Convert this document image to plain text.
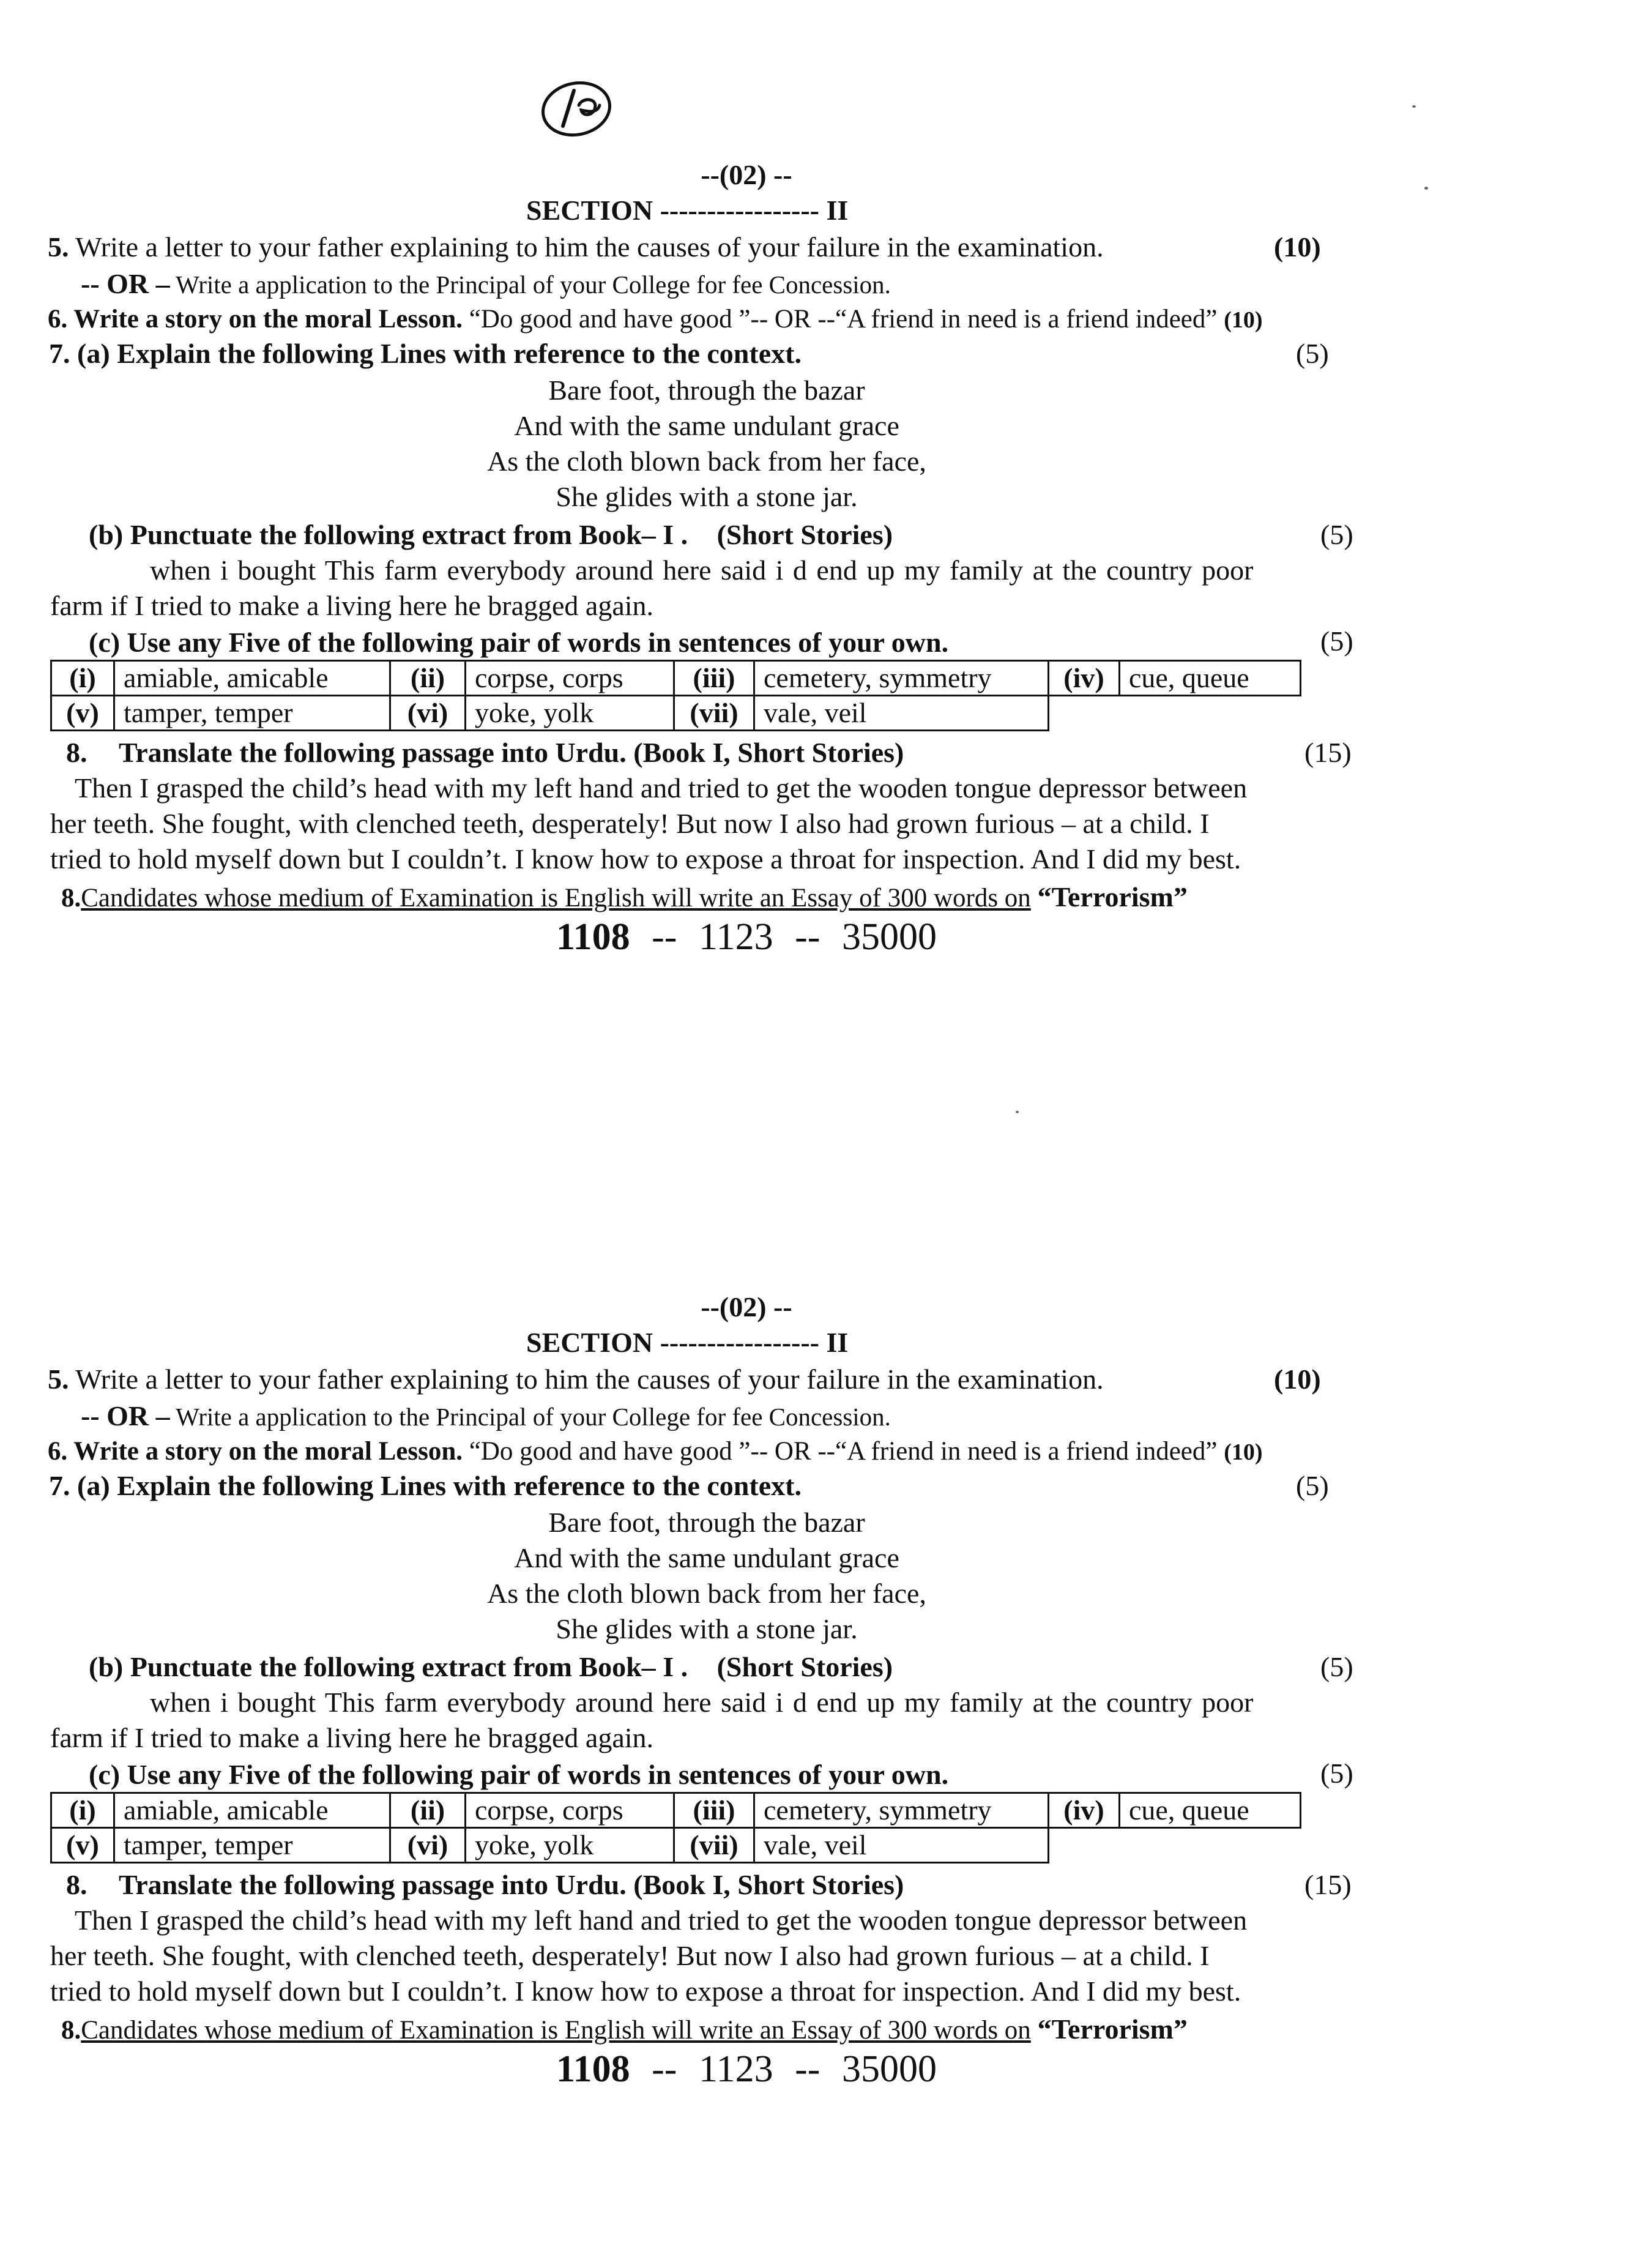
--(02) --
SECTION ----------------- II
5. Write a letter to your father explaining to him the causes of your failure in the examination.	(10)
-- OR – Write a application to the Principal of your College for fee Concession.
6. Write a story on the moral Lesson. “Do good and have good ”-- OR --“A friend in need is a friend indeed” (10)
7. (a) Explain the following Lines with reference to the context.	(5)
Bare foot, through the bazar
And with the same undulant grace
As the cloth blown back from her face,
She glides with a stone jar.
(b) Punctuate the following extract from Book– I . (Short Stories)	(5)
when i bought This farm everybody around here said i d end up my family at the country poor
farm if I tried to make a living here he bragged again.
(c) Use any Five of the following pair of words in sentences of your own.	(5)
(i)	amiable, amicable	(ii)	corpse, corps	(iii)	cemetery, symmetry	(iv)	cue, queue
(v)	tamper, temper	(vi)	yoke, yolk	(vii)	vale, veil		
8. Translate the following passage into Urdu. (Book I, Short Stories)	(15)
Then I grasped the child’s head with my left hand and tried to get the wooden tongue depressor between
her teeth. She fought, with clenched teeth, desperately! But now I also had grown furious – at a child. I
tried to hold myself down but I couldn’t. I know how to expose a throat for inspection. And I did my best.
8.Candidates whose medium of Examination is English will write an Essay of 300 words on “Terrorism”
1108 -- 1123 -- 35000
--(02) --
SECTION ----------------- II
5. Write a letter to your father explaining to him the causes of your failure in the examination.	(10)
-- OR – Write a application to the Principal of your College for fee Concession.
6. Write a story on the moral Lesson. “Do good and have good ”-- OR --“A friend in need is a friend indeed” (10)
7. (a) Explain the following Lines with reference to the context.	(5)
Bare foot, through the bazar
And with the same undulant grace
As the cloth blown back from her face,
She glides with a stone jar.
(b) Punctuate the following extract from Book– I . (Short Stories)	(5)
when i bought This farm everybody around here said i d end up my family at the country poor
farm if I tried to make a living here he bragged again.
(c) Use any Five of the following pair of words in sentences of your own.	(5)
(i)	amiable, amicable	(ii)	corpse, corps	(iii)	cemetery, symmetry	(iv)	cue, queue
(v)	tamper, temper	(vi)	yoke, yolk	(vii)	vale, veil		
8. Translate the following passage into Urdu. (Book I, Short Stories)	(15)
Then I grasped the child’s head with my left hand and tried to get the wooden tongue depressor between
her teeth. She fought, with clenched teeth, desperately! But now I also had grown furious – at a child. I
tried to hold myself down but I couldn’t. I know how to expose a throat for inspection. And I did my best.
8.Candidates whose medium of Examination is English will write an Essay of 300 words on “Terrorism”
1108 -- 1123 -- 35000
